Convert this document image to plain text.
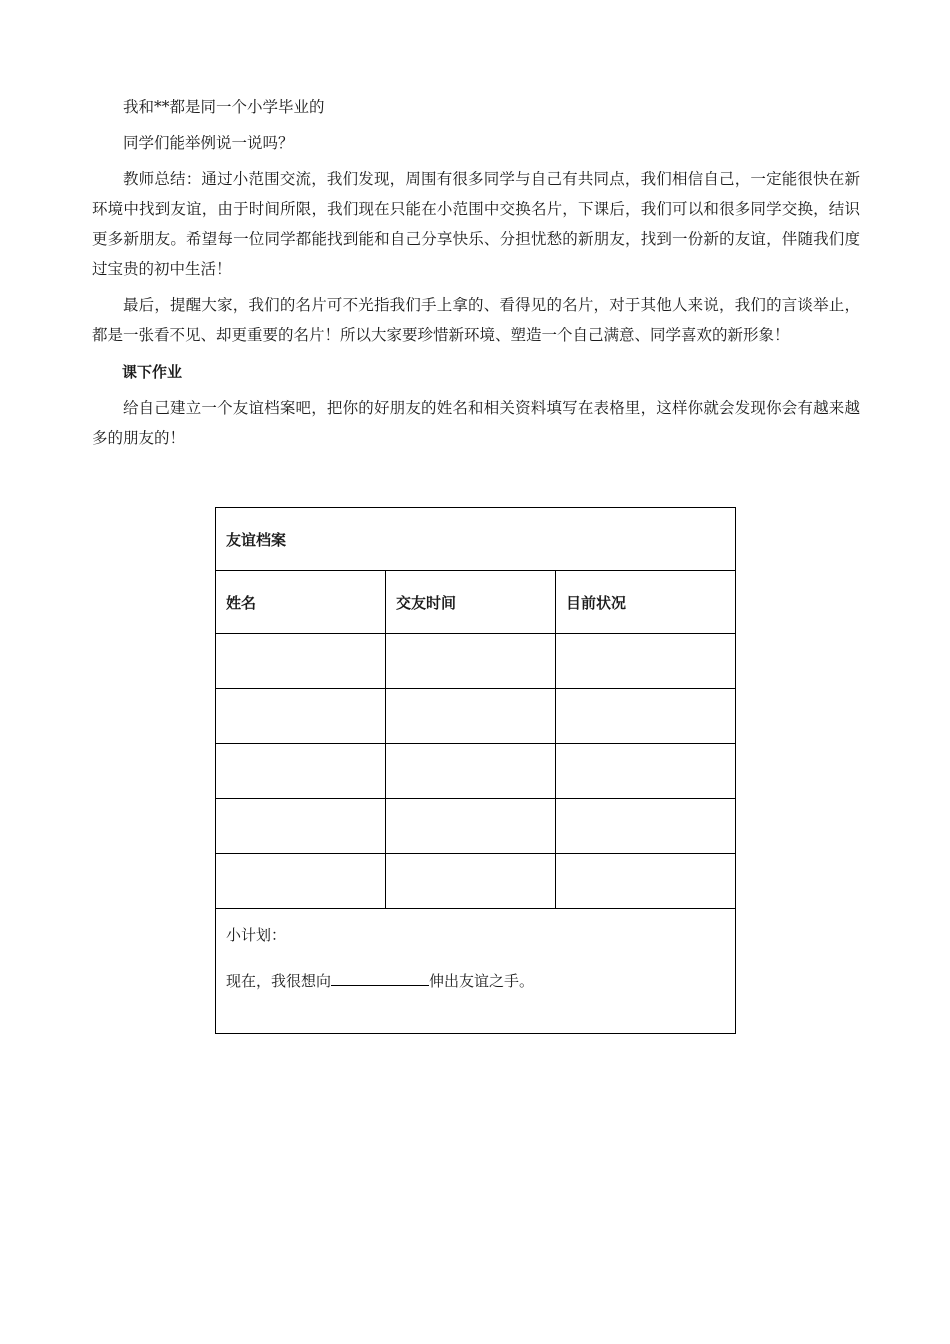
我和**都是同一个小学毕业的

同学们能举例说一说吗？

教师总结：通过小范围交流，我们发现，周围有很多同学与自己有共同点，我们相信自己，一定能很快在新环境中找到友谊，由于时间所限，我们现在只能在小范围中交换名片，下课后，我们可以和很多同学交换，结识更多新朋友。希望每一位同学都能找到能和自己分享快乐、分担忧愁的新朋友，找到一份新的友谊，伴随我们度过宝贵的初中生活！

最后，提醒大家，我们的名片可不光指我们手上拿的、看得见的名片，对于其他人来说，我们的言谈举止，都是一张看不见、却更重要的名片！所以大家要珍惜新环境、塑造一个自己满意、同学喜欢的新形象！

课下作业

给自己建立一个友谊档案吧，把你的好朋友的姓名和相关资料填写在表格里，这样你就会发现你会有越来越多的朋友的！

友谊档案		
姓名	交友时间	目前状况

小计划：
现在，我很想向 伸出友谊之手。		
